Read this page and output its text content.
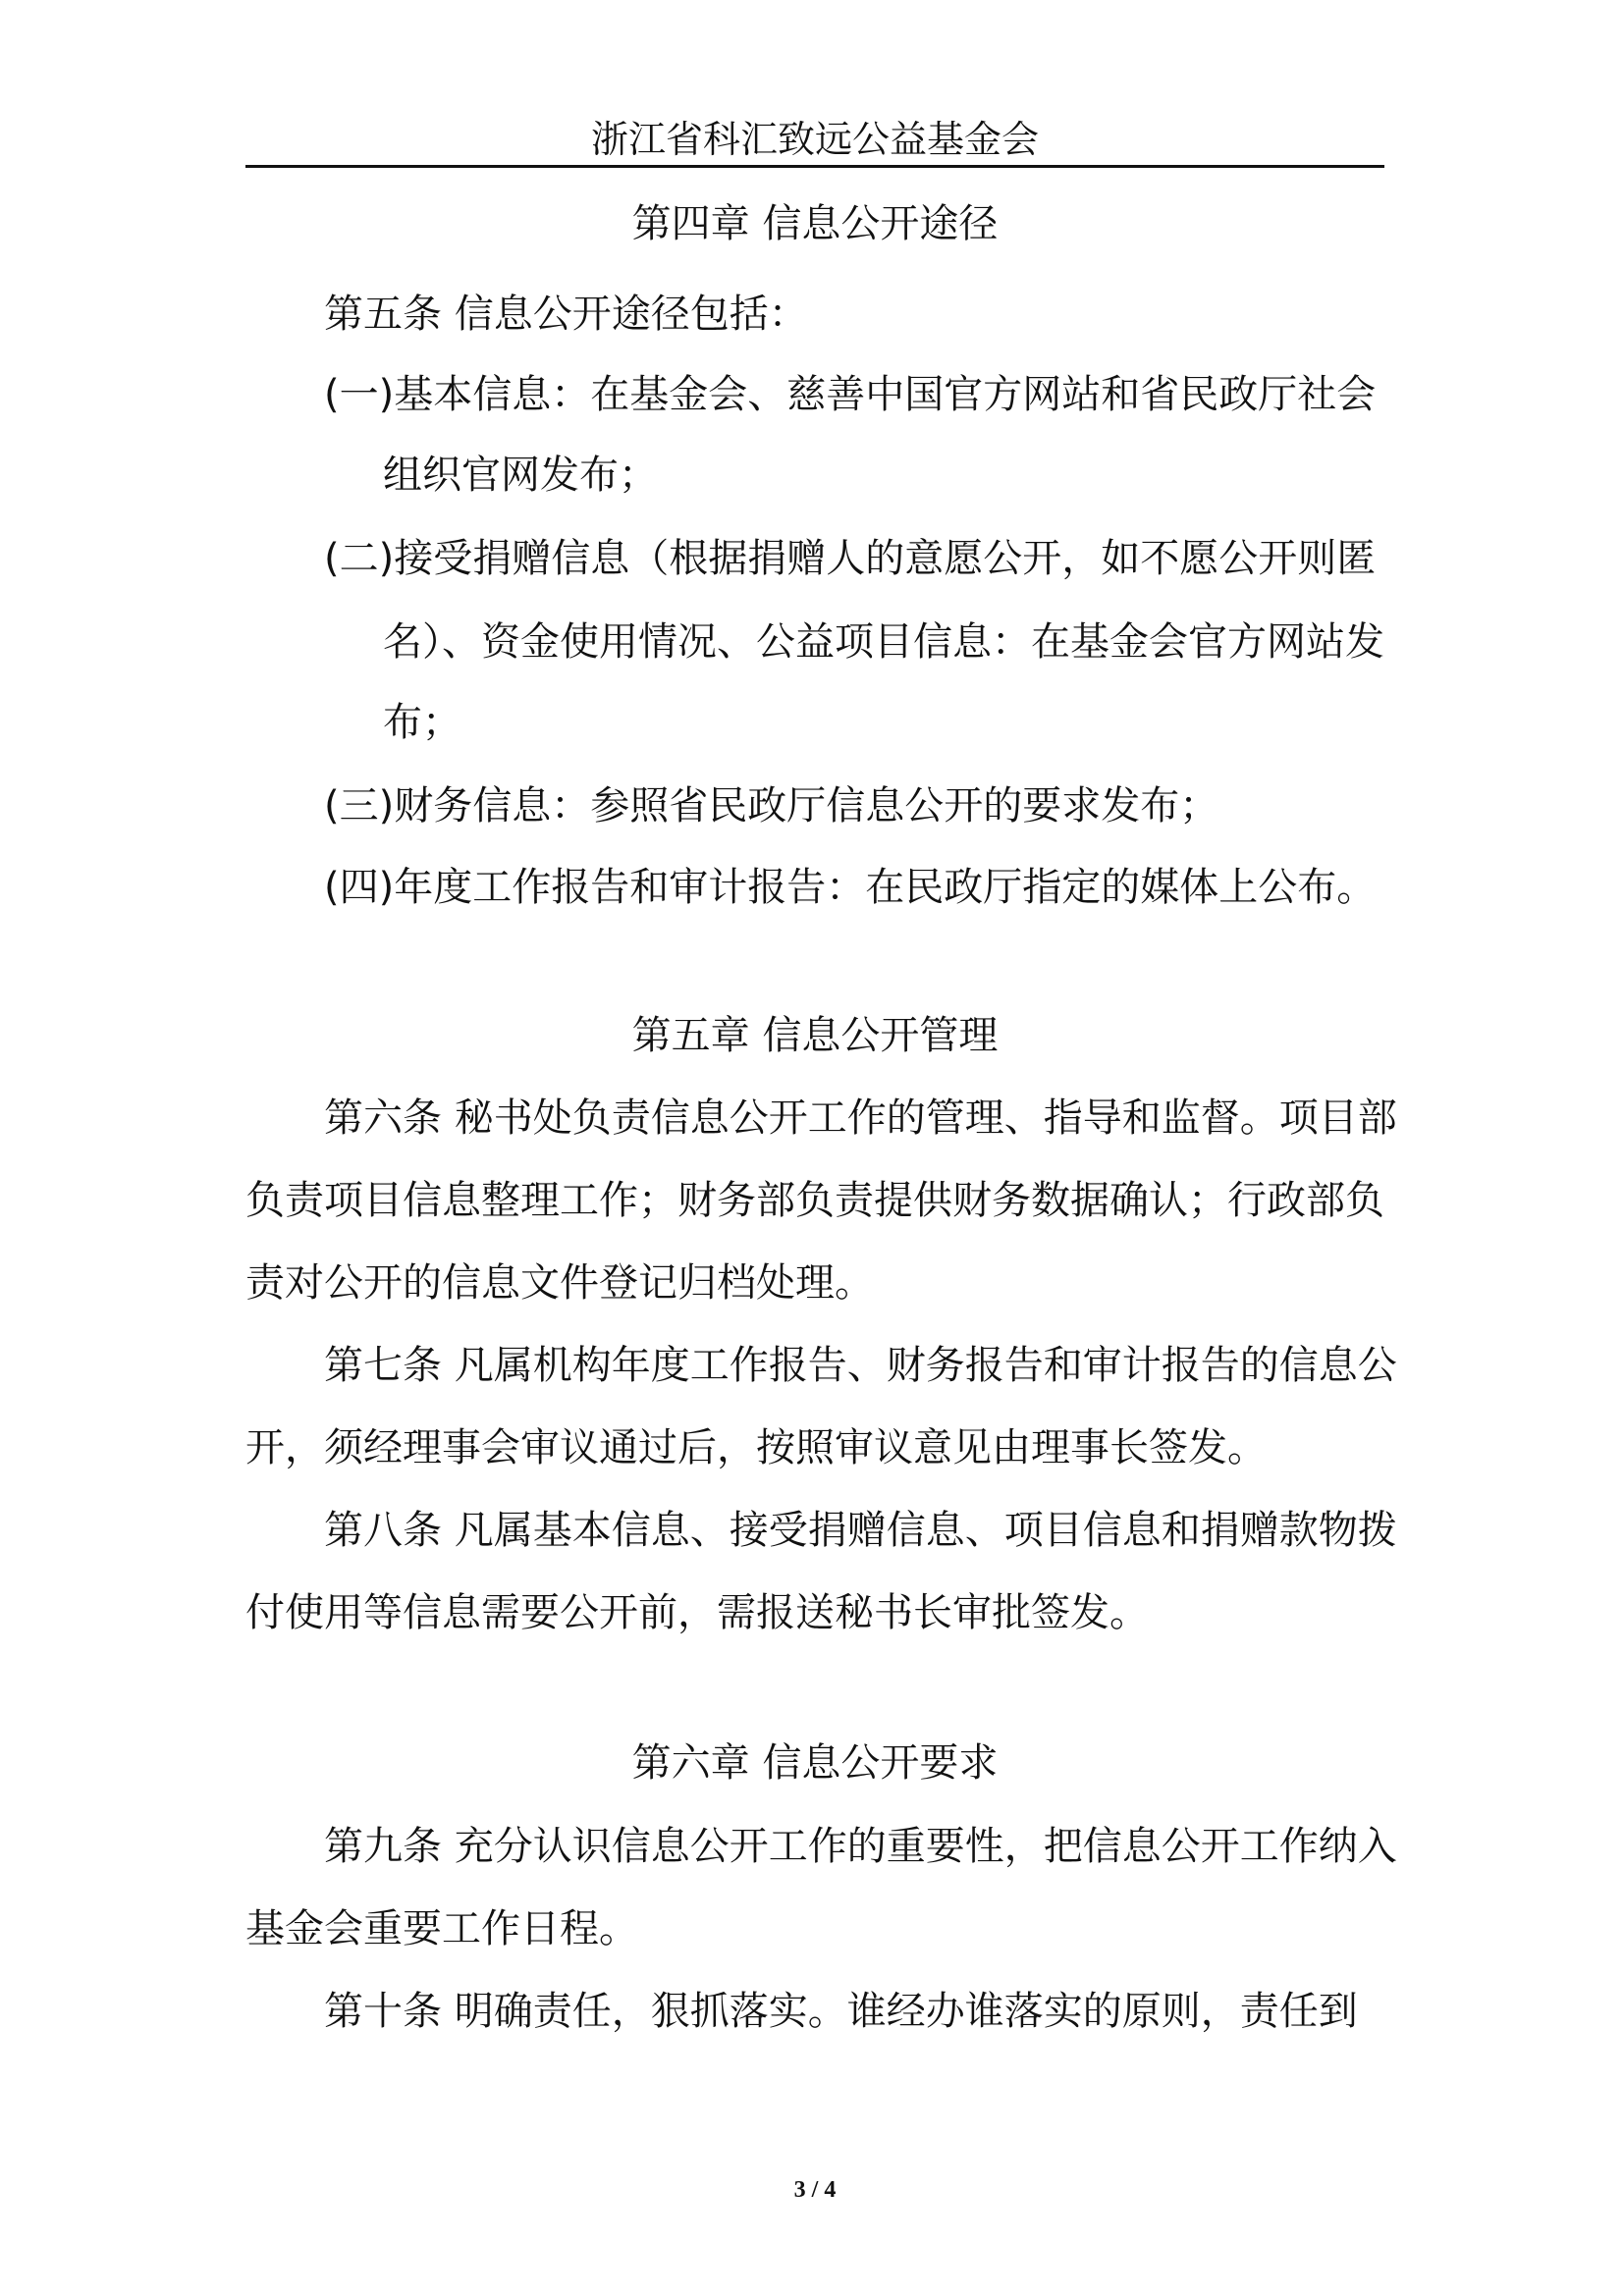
浙江省科汇致远公益基金会
第四章 信息公开途径
第五条 信息公开途径包括：
(一)基本信息：在基金会、慈善中国官方网站和省民政厅社会
组织官网发布；
(二)接受捐赠信息（根据捐赠人的意愿公开，如不愿公开则匿
名）、资金使用情况、公益项目信息：在基金会官方网站发
布；
(三)财务信息：参照省民政厅信息公开的要求发布；
(四)年度工作报告和审计报告：在民政厅指定的媒体上公布。
第五章 信息公开管理
第六条 秘书处负责信息公开工作的管理、指导和监督。项目部
负责项目信息整理工作；财务部负责提供财务数据确认；行政部负
责对公开的信息文件登记归档处理。
第七条 凡属机构年度工作报告、财务报告和审计报告的信息公
开，须经理事会审议通过后，按照审议意见由理事长签发。
第八条 凡属基本信息、接受捐赠信息、项目信息和捐赠款物拨
付使用等信息需要公开前，需报送秘书长审批签发。
第六章 信息公开要求
第九条 充分认识信息公开工作的重要性，把信息公开工作纳入
基金会重要工作日程。
第十条 明确责任，狠抓落实。谁经办谁落实的原则，责任到
3 / 4
